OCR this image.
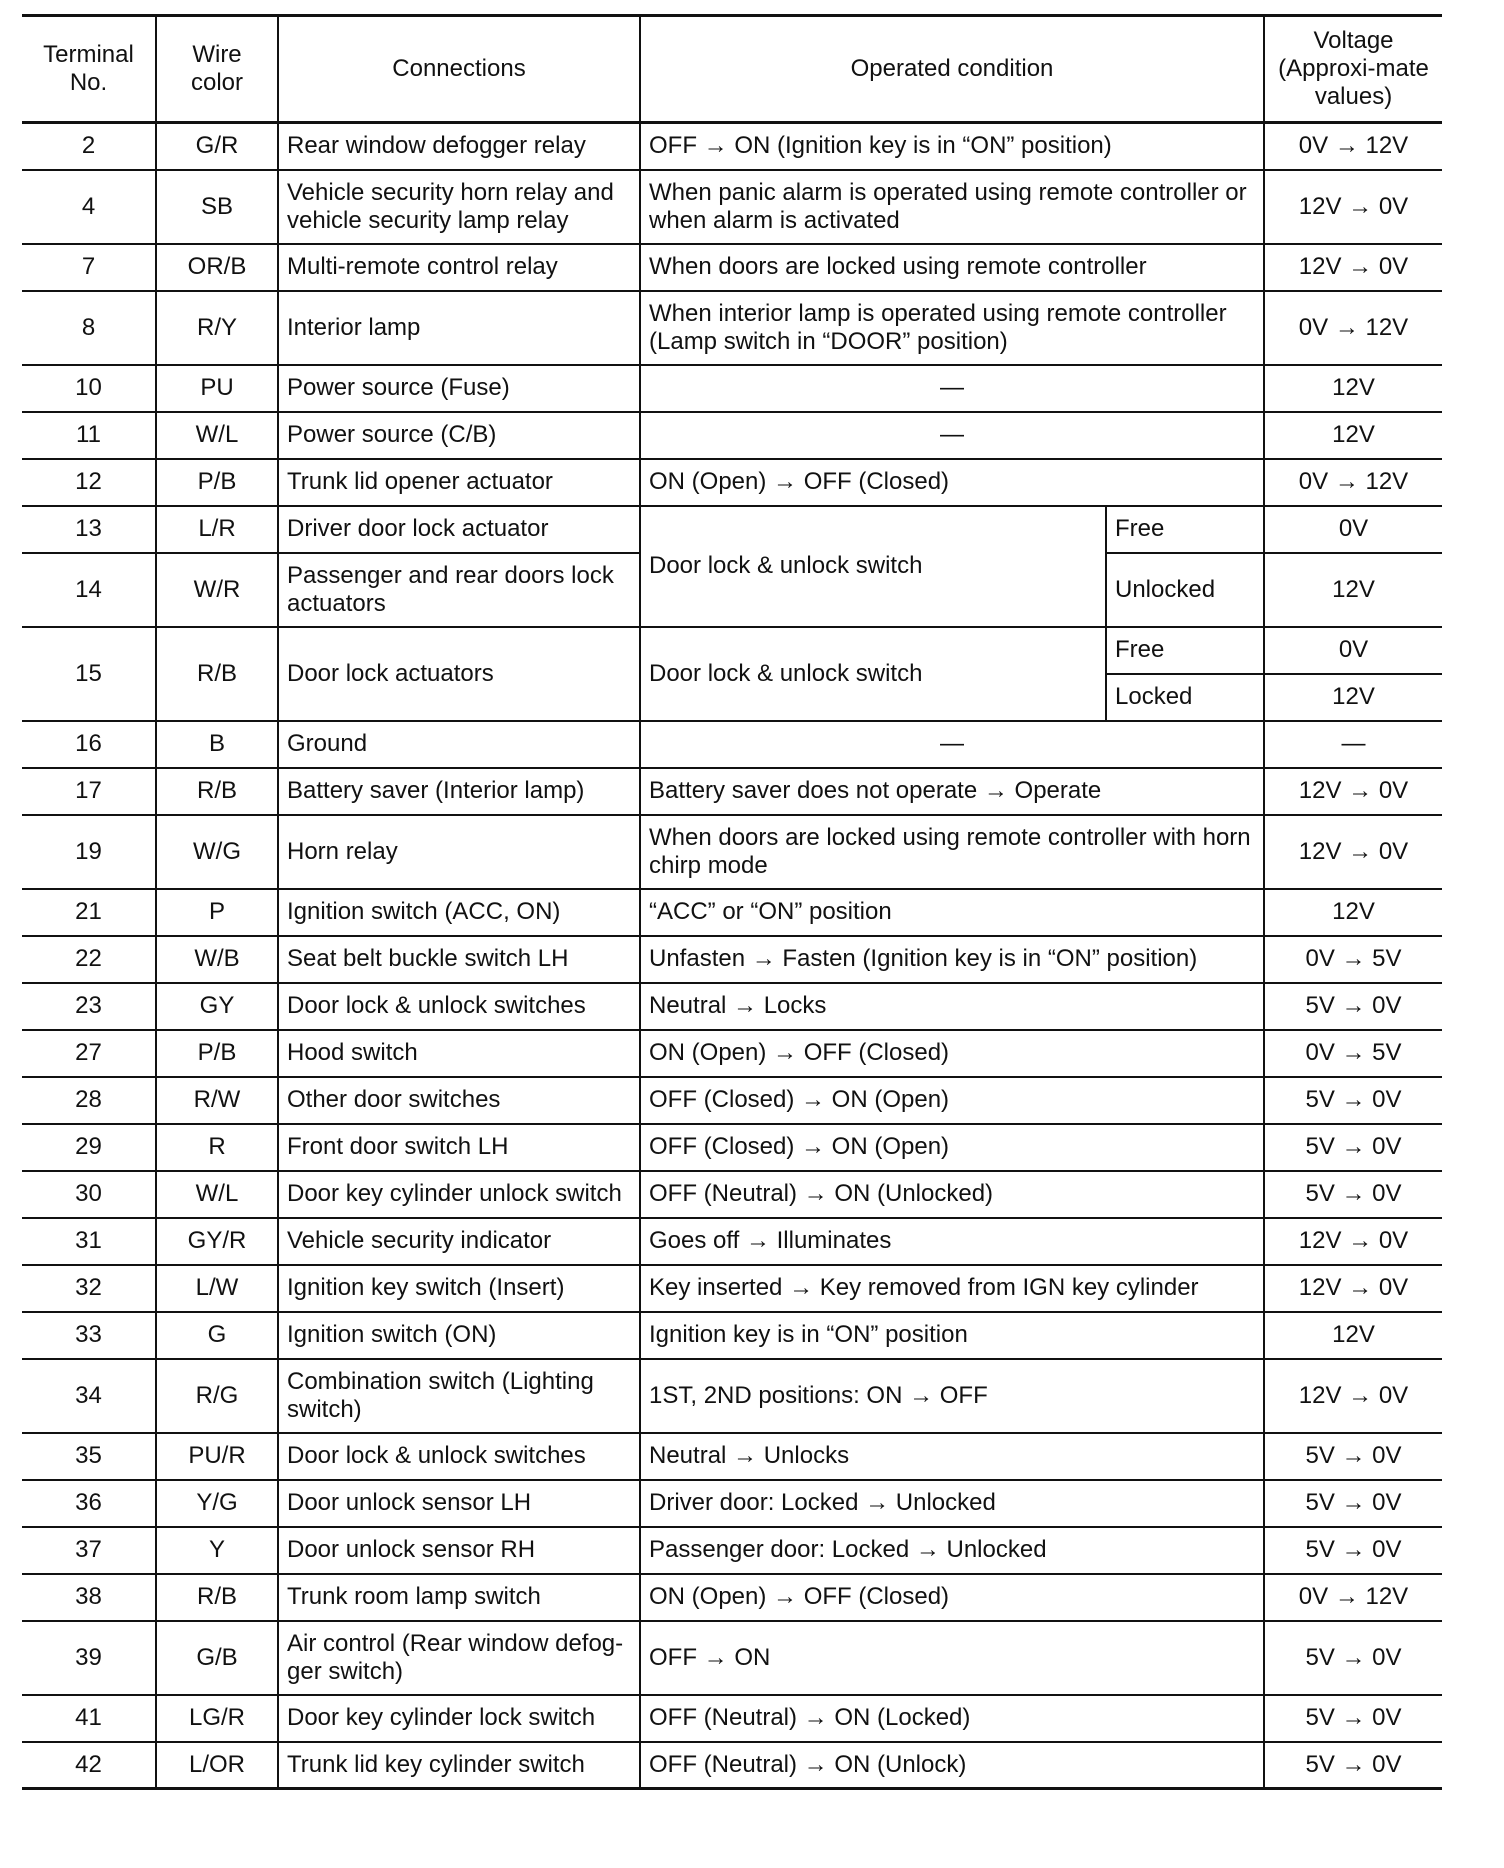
Terminal No.	Wire color	Connections	Operated condition		Voltage (Approxi-mate values)
2	G/R	Rear window defogger relay	OFF → ON (Ignition key is in “ON” position)		0V → 12V
4	SB	Vehicle security horn relay and vehicle security lamp relay	When panic alarm is operated using remote controller or when alarm is activated		12V → 0V
7	OR/B	Multi-remote control relay	When doors are locked using remote controller		12V → 0V
8	R/Y	Interior lamp	When interior lamp is operated using remote controller (Lamp switch in “DOOR” position)		0V → 12V
10	PU	Power source (Fuse)	—		12V
11	W/L	Power source (C/B)	—		12V
12	P/B	Trunk lid opener actuator	ON (Open) → OFF (Closed)		0V → 12V
13	L/R	Driver door lock actuator	Door lock & unlock switch	Free	0V
14	W/R	Passenger and rear doors lock actuators		Unlocked	12V
15	R/B	Door lock actuators	Door lock & unlock switch	Free	0V
				Locked	12V
16	B	Ground	—		—
17	R/B	Battery saver (Interior lamp)	Battery saver does not operate → Operate		12V → 0V
19	W/G	Horn relay	When doors are locked using remote controller with horn chirp mode		12V → 0V
21	P	Ignition switch (ACC, ON)	“ACC” or “ON” position		12V
22	W/B	Seat belt buckle switch LH	Unfasten → Fasten (Ignition key is in “ON” position)		0V → 5V
23	GY	Door lock & unlock switches	Neutral → Locks		5V → 0V
27	P/B	Hood switch	ON (Open) → OFF (Closed)		0V → 5V
28	R/W	Other door switches	OFF (Closed) → ON (Open)		5V → 0V
29	R	Front door switch LH	OFF (Closed) → ON (Open)		5V → 0V
30	W/L	Door key cylinder unlock switch	OFF (Neutral) → ON (Unlocked)		5V → 0V
31	GY/R	Vehicle security indicator	Goes off → Illuminates		12V → 0V
32	L/W	Ignition key switch (Insert)	Key inserted → Key removed from IGN key cylinder		12V → 0V
33	G	Ignition switch (ON)	Ignition key is in “ON” position		12V
34	R/G	Combination switch (Lighting switch)	1ST, 2ND positions: ON → OFF		12V → 0V
35	PU/R	Door lock & unlock switches	Neutral → Unlocks		5V → 0V
36	Y/G	Door unlock sensor LH	Driver door: Locked → Unlocked		5V → 0V
37	Y	Door unlock sensor RH	Passenger door: Locked → Unlocked		5V → 0V
38	R/B	Trunk room lamp switch	ON (Open) → OFF (Closed)		0V → 12V
39	G/B	Air control (Rear window defog-ger switch)	OFF → ON		5V → 0V
41	LG/R	Door key cylinder lock switch	OFF (Neutral) → ON (Locked)		5V → 0V
42	L/OR	Trunk lid key cylinder switch	OFF (Neutral) → ON (Unlock)		5V → 0V
